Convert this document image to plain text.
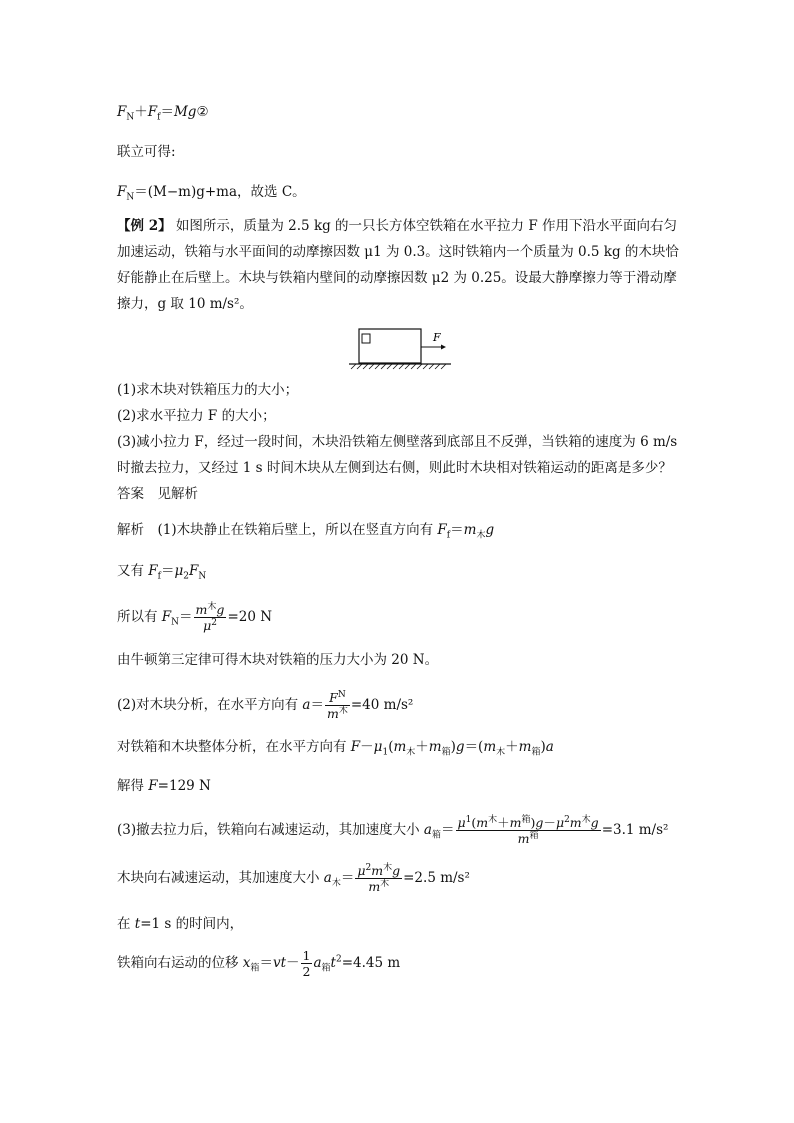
$F_N+F_f=Mg②$
联立可得:
$F_N=(M-m)g+ma$，故选 C。
【例 2】 如图所示，质量为 2.5 kg 的一只长方体空铁箱在水平拉力 F 作用下沿水平面向右匀加速运动，铁箱与水平面间的动摩擦因数 μ1 为 0.3。这时铁箱内一个质量为 0.5 kg 的木块恰好能静止在后壁上。木块与铁箱内壁间的动摩擦因数 μ2 为 0.25。设最大静摩擦力等于滑动摩擦力，g 取 10 m/s²。
F
(1)求木块对铁箱压力的大小；
(2)求水平拉力 F 的大小；
(3)减小拉力 F，经过一段时间，木块沿铁箱左侧壁落到底部且不反弹，当铁箱的速度为 6 m/s
时撤去拉力，又经过 1 s 时间木块从左侧到达右侧，则此时木块相对铁箱运动的距离是多少？
答案　见解析
解析　(1)木块静止在铁箱后壁上，所以在竖直方向有 $F_f=m_木g$
又有 $F_f=\mu_2F_N$
所以有 $F_N= \frac{m^木g}{\mu^2} =20$ N
由牛顿第三定律可得木块对铁箱的压力大小为 20 N。
(2)对木块分析，在水平方向有 $a= \frac{F^N}{m^木} =40$ m/s²
对铁箱和木块整体分析，在水平方向有 $F-\mu_1(m_木+m_箱)g=(m_木+m_箱)a$
解得 F=129 N
(3)撤去拉力后，铁箱向右减速运动，其加速度大小 $a_箱= \frac{\mu^1(m^木+m^箱)g-\mu^2m^木g}{m^箱} =3.1$ m/s²
木块向右减速运动，其加速度大小 $a_木= \frac{\mu^2m^木g}{m^木} =2.5$ m/s²
在 t=1 s 的时间内，
铁箱向右运动的位移 $x_箱=vt- \frac{1}{2} a_箱t^2=4.45$ m
